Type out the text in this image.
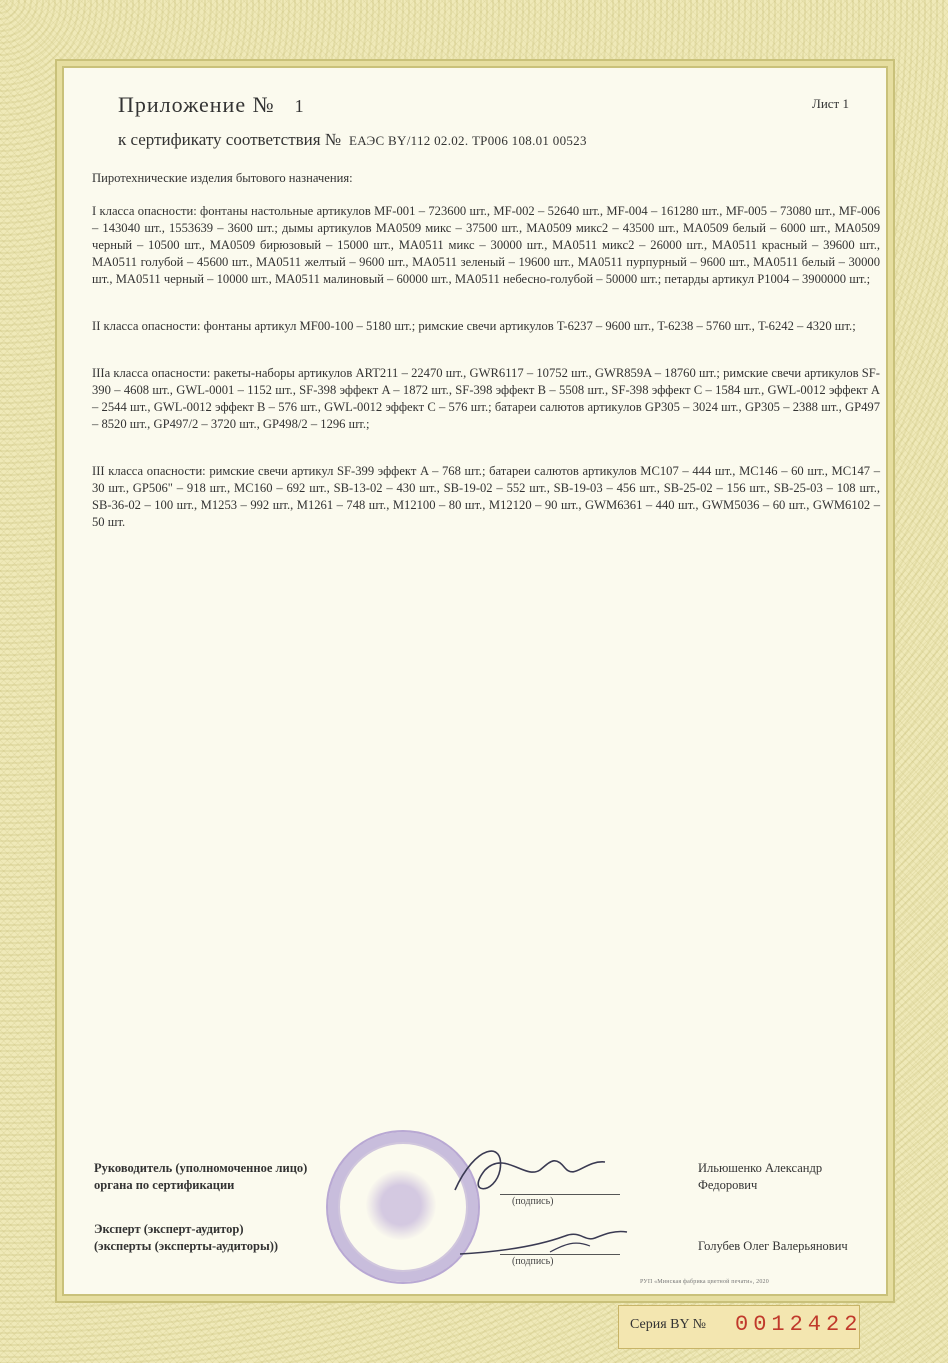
Приложение № 1	Лист 1
к сертификату соответствия № ЕАЭС BY/112 02.02. ТР006 108.01 00523

Пиротехнические изделия бытового назначения:

I класса опасности: фонтаны настольные артикулов MF-001 – 723600 шт., MF-002 – 52640 шт., MF-004 – 161280 шт., MF-005 – 73080 шт., MF-006 – 143040 шт., 1553639 – 3600 шт.; дымы артикулов MA0509 микс – 37500 шт., MA0509 микс2 – 43500 шт., MA0509 белый – 6000 шт., MA0509 черный – 10500 шт., MA0509 бирюзовый – 15000 шт., MA0511 микс – 30000 шт., MA0511 микс2 – 26000 шт., MA0511 красный – 39600 шт., MA0511 голубой – 45600 шт., MA0511 желтый – 9600 шт., MA0511 зеленый – 19600 шт., MA0511 пурпурный – 9600 шт., MA0511 белый – 30000 шт., MA0511 черный – 10000 шт., MA0511 малиновый – 60000 шт., MA0511 небесно-голубой – 50000 шт.; петарды артикул P1004 – 3900000 шт.;

II класса опасности: фонтаны артикул MF00-100 – 5180 шт.; римские свечи артикулов T-6237 – 9600 шт., T-6238 – 5760 шт., T-6242 – 4320 шт.;

IIIa класса опасности: ракеты-наборы артикулов ART211 – 22470 шт., GWR6117 – 10752 шт., GWR859A – 18760 шт.; римские свечи артикулов SF-390 – 4608 шт., GWL-0001 – 1152 шт., SF-398 эффект A – 1872 шт., SF-398 эффект B – 5508 шт., SF-398 эффект C – 1584 шт., GWL-0012 эффект A – 2544 шт., GWL-0012 эффект B – 576 шт., GWL-0012 эффект C – 576 шт.; батареи салютов артикулов GP305 – 3024 шт., GP305 – 2388 шт., GP497 – 8520 шт., GP497/2 – 3720 шт., GP498/2 – 1296 шт.;

III класса опасности: римские свечи артикул SF-399 эффект A – 768 шт.; батареи салютов артикулов MC107 – 444 шт., MC146 – 60 шт., MC147 – 30 шт., GP506" – 918 шт., MC160 – 692 шт., SB-13-02 – 430 шт., SB-19-02 – 552 шт., SB-19-03 – 456 шт., SB-25-02 – 156 шт., SB-25-03 – 108 шт., SB-36-02 – 100 шт., M1253 – 992 шт., M1261 – 748 шт., M12100 – 80 шт., M12120 – 90 шт., GWM6361 – 440 шт., GWM5036 – 60 шт., GWM6102 – 50 шт.

Руководитель (уполномоченное лицо)
органа по сертификации
(подпись)
Ильюшенко Александр
Федорович
Эксперт (эксперт-аудитор)
(эксперты (эксперты-аудиторы))
(подпись)
Голубев Олег Валерьянович
РУП «Минская фабрика цветной печати», 2020
Серия BY № 0012422
